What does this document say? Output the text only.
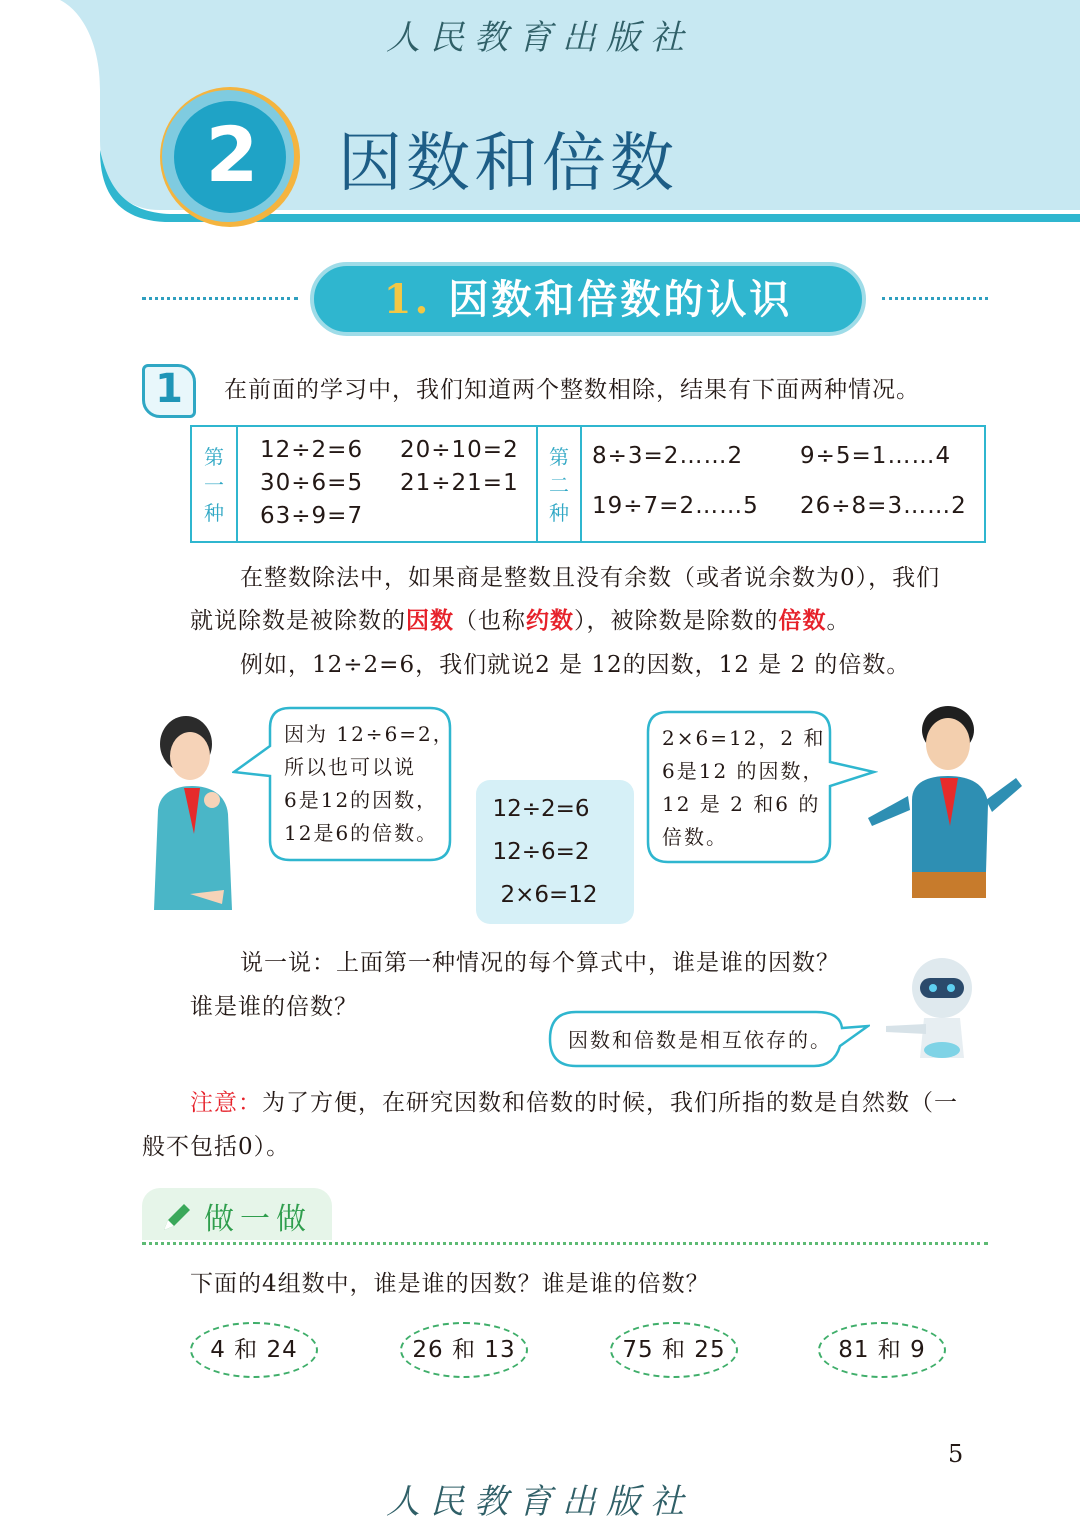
人民教育出版社
2 因数和倍数
1. 因数和倍数的认识
1	在前面的学习中，我们知道两个整数相除，结果有下面两种情况。
第
一
种
12÷2=6 20÷10=2
30÷6=5 21÷21=1
63÷9=7
第
二
种
8÷3=2……2 9÷5=1……4
19÷7=2……5 26÷8=3……2
在整数除法中，如果商是整数且没有余数（或者说余数为0），我们
就说除数是被除数的因数（也称约数），被除数是除数的倍数。
例如，12÷2=6，我们就说2 是 12的因数，12 是 2 的倍数。
因为 12÷6=2，
所以也可以说
6是12的因数，
12是6的倍数。
12÷2=6
12÷6=2
2×6=12
2×6=12，2 和
6是12 的因数，
12 是 2 和6 的
倍数。
说一说：上面第一种情况的每个算式中，谁是谁的因数？
谁是谁的倍数？
因数和倍数是相互依存的。
注意：为了方便，在研究因数和倍数的时候，我们所指的数是自然数（一
般不包括0）。
做一做
下面的4组数中，谁是谁的因数？谁是谁的倍数？
4 和 24	26 和 13	75 和 25	81 和 9
5
人民教育出版社
